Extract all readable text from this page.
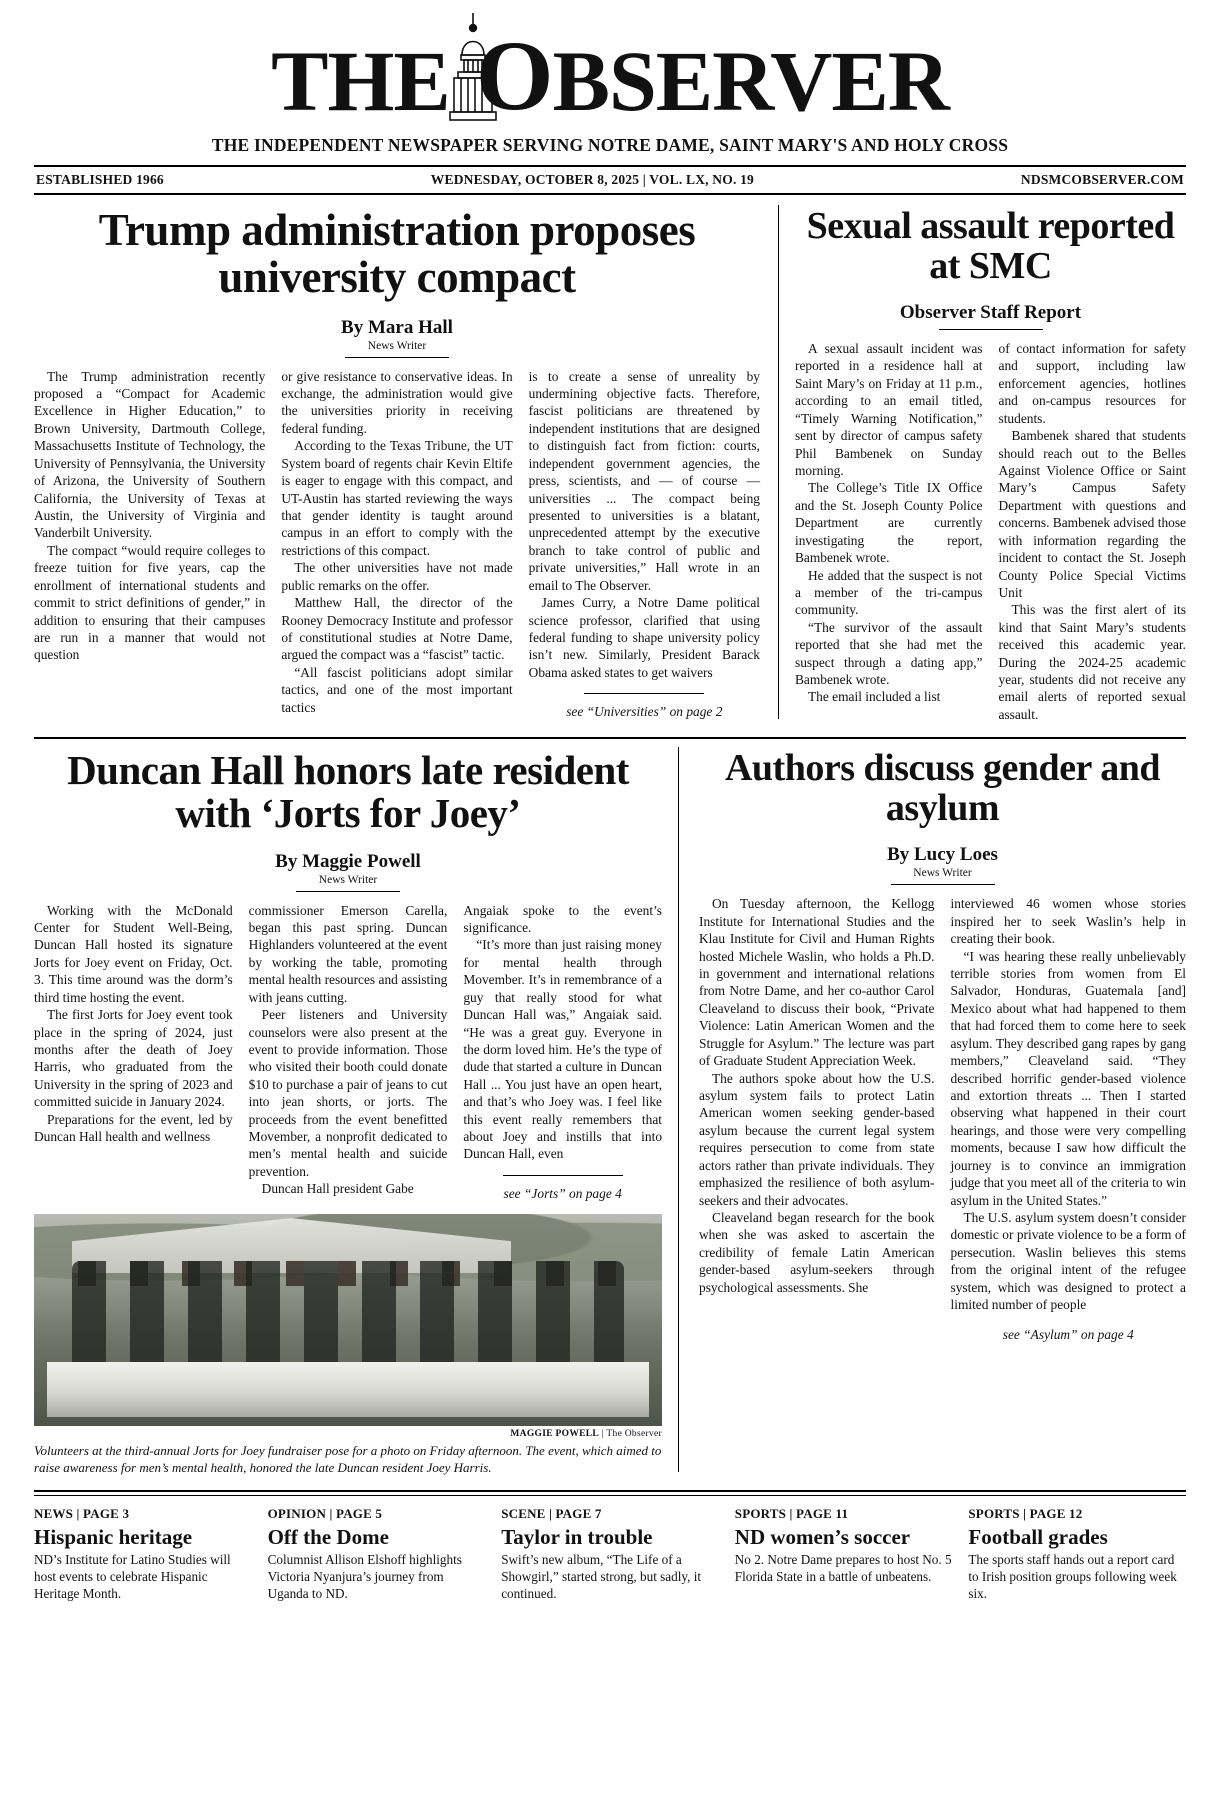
THE O BSERVER
THE INDEPENDENT NEWSPAPER SERVING NOTRE DAME, SAINT MARY'S AND HOLY CROSS
ESTABLISHED 1966	WEDNESDAY, OCTOBER 8, 2025 | VOL. LX, NO. 19	NDSMCOBSERVER.COM
Trump administration proposes university compact
By Mara Hall
News Writer

The Trump administration recently proposed a “Compact for Academic Excellence in Higher Education,” to Brown University, Dartmouth College, Massachusetts Institute of Technology, the University of Pennsylvania, the University of Arizona, the University of Southern California, the University of Texas at Austin, the University of Virginia and Vanderbilt University.

The compact “would require colleges to freeze tuition for five years, cap the enrollment of international students and commit to strict definitions of gender,” in addition to ensuring that their campuses are run in a manner that would not question

or give resistance to conservative ideas. In exchange, the administration would give the universities priority in receiving federal funding.

According to the Texas Tribune, the UT System board of regents chair Kevin Eltife is eager to engage with this compact, and UT-Austin has started reviewing the ways that gender identity is taught around campus in an effort to comply with the restrictions of this compact.

The other universities have not made public remarks on the offer.

Matthew Hall, the director of the Rooney Democracy Institute and professor of constitutional studies at Notre Dame, argued the compact was a “fascist” tactic.

“All fascist politicians adopt similar tactics, and one of the most important tactics

is to create a sense of unreality by undermining objective facts. Therefore, fascist politicians are threatened by independent institutions that are designed to distinguish fact from fiction: courts, independent government agencies, the press, scientists, and — of course — universities ... The compact being presented to universities is a blatant, unprecedented attempt by the executive branch to take control of public and private universities,” Hall wrote in an email to The Observer.

James Curry, a Notre Dame political science professor, clarified that using federal funding to shape university policy isn’t new. Similarly, President Barack Obama asked states to get waivers

see “Universities” on page 2
Sexual assault reported at SMC
Observer Staff Report

A sexual assault incident was reported in a residence hall at Saint Mary’s on Friday at 11 p.m., according to an email titled, “Timely Warning Notification,” sent by director of campus safety Phil Bambenek on Sunday morning.

The College’s Title IX Office and the St. Joseph County Police Department are currently investigating the report, Bambenek wrote.

He added that the suspect is not a member of the tri-campus community.

“The survivor of the assault reported that she had met the suspect through a dating app,” Bambenek wrote.

The email included a list

of contact information for safety and support, including law enforcement agencies, hotlines and on-campus resources for students.

Bambenek shared that students should reach out to the Belles Against Violence Office or Saint Mary’s Campus Safety Department with questions and concerns. Bambenek advised those with information regarding the incident to contact the St. Joseph County Police Special Victims Unit

This was the first alert of its kind that Saint Mary’s students received this academic year. During the 2024-25 academic year, students did not receive any email alerts of reported sexual assault.

Duncan Hall honors late resident with ‘Jorts for Joey’
By Maggie Powell
News Writer

Working with the McDonald Center for Student Well-Being, Duncan Hall hosted its signature Jorts for Joey event on Friday, Oct. 3. This time around was the dorm’s third time hosting the event.

The first Jorts for Joey event took place in the spring of 2024, just months after the death of Joey Harris, who graduated from the University in the spring of 2023 and committed suicide in January 2024.

Preparations for the event, led by Duncan Hall health and wellness

commissioner Emerson Carella, began this past spring. Duncan Highlanders volunteered at the event by working the table, promoting mental health resources and assisting with jeans cutting.

Peer listeners and University counselors were also present at the event to provide information. Those who visited their booth could donate $10 to purchase a pair of jeans to cut into jean shorts, or jorts. The proceeds from the event benefitted Movember, a nonprofit dedicated to men’s mental health and suicide prevention.

Duncan Hall president Gabe

Angaiak spoke to the event’s significance.

“It’s more than just raising money for mental health through Movember. It’s in remembrance of a guy that really stood for what Duncan Hall was,” Angaiak said. “He was a great guy. Everyone in the dorm loved him. He’s the type of dude that started a culture in Duncan Hall ... You just have an open heart, and that’s who Joey was. I feel like this event really remembers that about Joey and instills that into Duncan Hall, even

see “Jorts” on page 4
MAGGIE POWELL | The Observer
Volunteers at the third-annual Jorts for Joey fundraiser pose for a photo on Friday afternoon. The event, which aimed to raise awareness for men’s mental health, honored the late Duncan resident Joey Harris.
Authors discuss gender and asylum
By Lucy Loes
News Writer

On Tuesday afternoon, the Kellogg Institute for International Studies and the Klau Institute for Civil and Human Rights hosted Michele Waslin, who holds a Ph.D. in government and international relations from Notre Dame, and her co-author Carol Cleaveland to discuss their book, “Private Violence: Latin American Women and the Struggle for Asylum.” The lecture was part of Graduate Student Appreciation Week.

The authors spoke about how the U.S. asylum system fails to protect Latin American women seeking gender-based asylum because the current legal system requires persecution to come from state actors rather than private individuals. They emphasized the resilience of both asylum-seekers and their advocates.

Cleaveland began research for the book when she was asked to ascertain the credibility of female Latin American gender-based asylum-seekers through psychological assessments. She

interviewed 46 women whose stories inspired her to seek Waslin’s help in creating their book.

“I was hearing these really unbelievably terrible stories from women from El Salvador, Honduras, Guatemala [and] Mexico about what had happened to them that had forced them to come here to seek asylum. They described gang rapes by gang members,” Cleaveland said. “They described horrific gender-based violence and extortion threats ... Then I started observing what happened in their court hearings, and those were very compelling moments, because I saw how difficult the journey is to convince an immigration judge that you meet all of the criteria to win asylum in the United States.”

The U.S. asylum system doesn’t consider domestic or private violence to be a form of persecution. Waslin believes this stems from the original intent of the refugee system, which was designed to protect a limited number of people

see “Asylum” on page 4
NEWS | PAGE 3
Hispanic heritage
ND’s Institute for Latino Studies will host events to celebrate Hispanic Heritage Month.
OPINION | PAGE 5
Off the Dome
Columnist Allison Elshoff highlights Victoria Nyanjura’s journey from Uganda to ND.
SCENE | PAGE 7
Taylor in trouble
Swift’s new album, “The Life of a Showgirl,” started strong, but sadly, it continued.
SPORTS | PAGE 11
ND women’s soccer
No 2. Notre Dame prepares to host No. 5 Florida State in a battle of unbeatens.
SPORTS | PAGE 12
Football grades
The sports staff hands out a report card to Irish position groups following week six.
